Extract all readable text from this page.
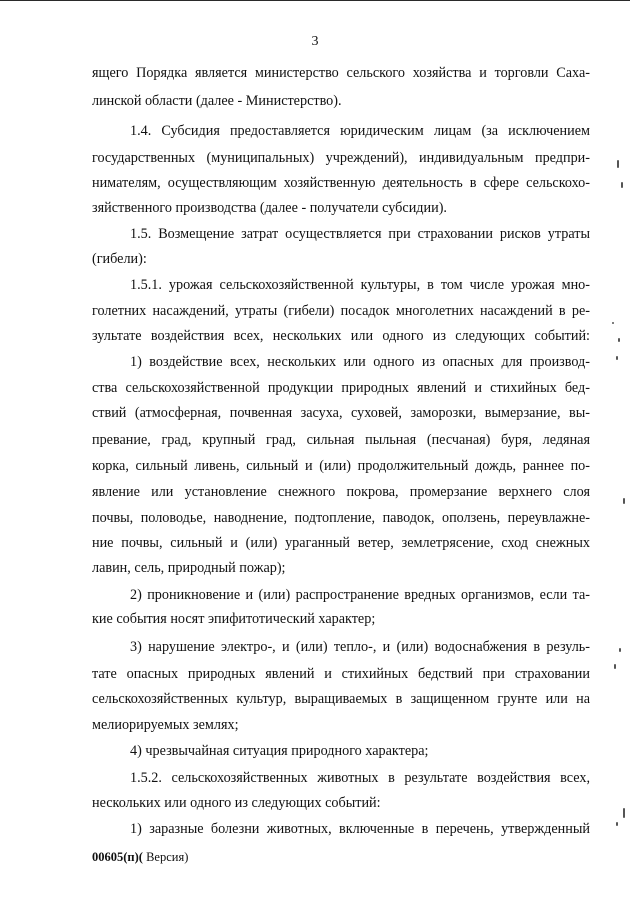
3
ящего Порядка является министерство сельского хозяйства и торговли Саха-
линской области (далее - Министерство).
1.4. Субсидия предоставляется юридическим лицам (за исключением
государственных (муниципальных) учреждений), индивидуальным предпри-
нимателям, осуществляющим хозяйственную деятельность в сфере сельскохо-
зяйственного производства (далее - получатели субсидии).
1.5. Возмещение затрат осуществляется при страховании рисков утраты
(гибели):
1.5.1. урожая сельскохозяйственной культуры, в том числе урожая мно-
голетних насаждений, утраты (гибели) посадок многолетних насаждений в ре-
зультате воздействия всех, нескольких или одного из следующих событий:
1) воздействие всех, нескольких или одного из опасных для производ-
ства сельскохозяйственной продукции природных явлений и стихийных бед-
ствий (атмосферная, почвенная засуха, суховей, заморозки, вымерзание, вы-
превание, град, крупный град, сильная пыльная (песчаная) буря, ледяная
корка, сильный ливень, сильный и (или) продолжительный дождь, раннее по-
явление или установление снежного покрова, промерзание верхнего слоя
почвы, половодье, наводнение, подтопление, паводок, оползень, переувлажне-
ние почвы, сильный и (или) ураганный ветер, землетрясение, сход снежных
лавин, сель, природный пожар);
2) проникновение и (или) распространение вредных организмов, если та-
кие события носят эпифитотический характер;
3) нарушение электро-, и (или) тепло-, и (или) водоснабжения в резуль-
тате опасных природных явлений и стихийных бедствий при страховании
сельскохозяйственных культур, выращиваемых в защищенном грунте или на
мелиорируемых землях;
4) чрезвычайная ситуация природного характера;
1.5.2. сельскохозяйственных животных в результате воздействия всех,
нескольких или одного из следующих событий:
1) заразные болезни животных, включенные в перечень, утвержденный
00605(п)( Версия)
